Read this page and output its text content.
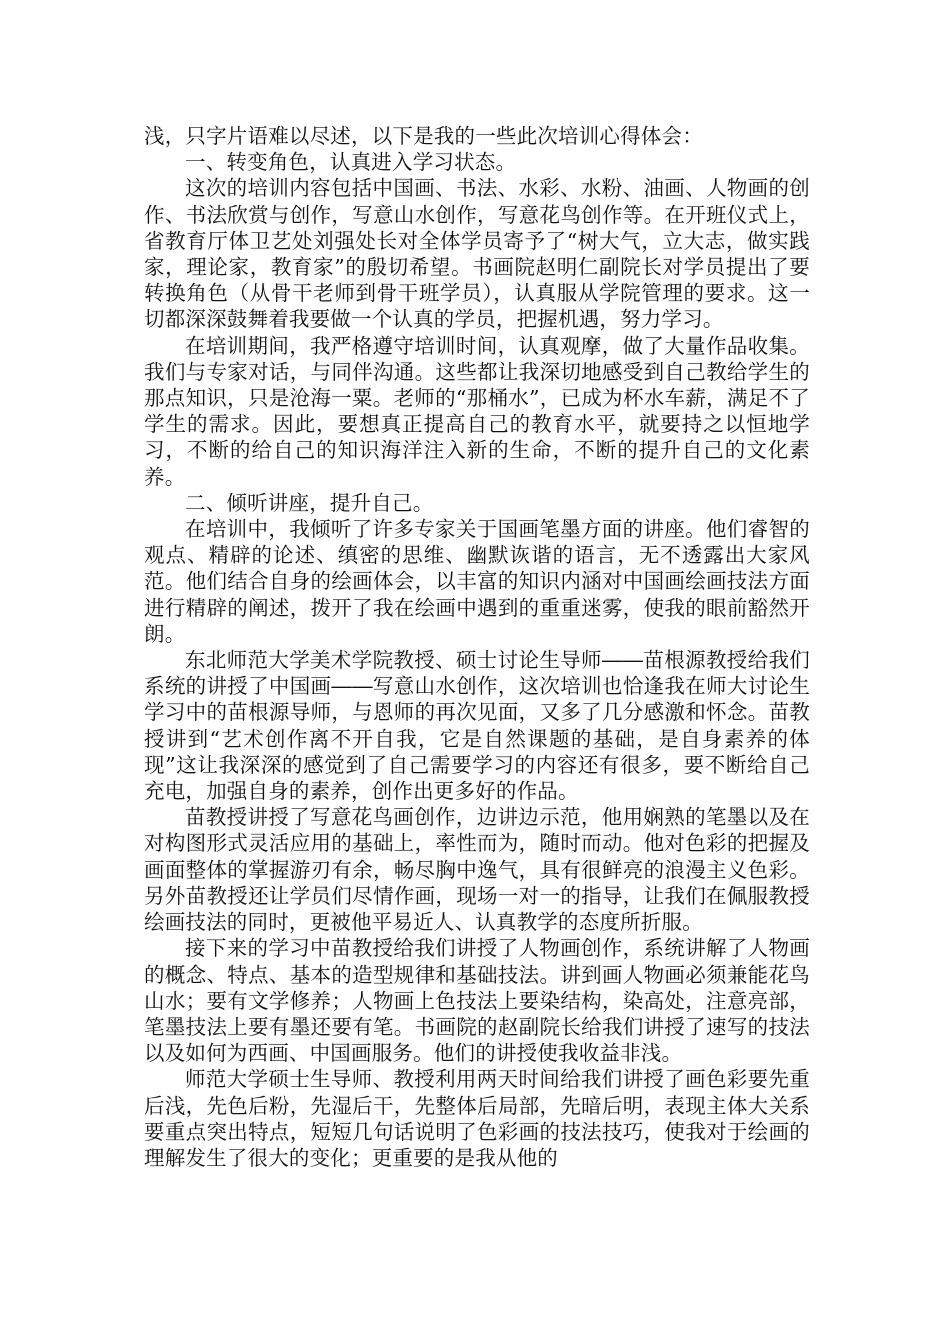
浅，只字片语难以尽述，以下是我的一些此次培训心得体会：

一、转变角色，认真进入学习状态。

这次的培训内容包括中国画、书法、水彩、水粉、油画、人物画的创作、书法欣赏与创作，写意山水创作，写意花鸟创作等。在开班仪式上，省教育厅体卫艺处刘强处长对全体学员寄予了“树大气，立大志，做实践家，理论家，教育家”的殷切希望。书画院赵明仁副院长对学员提出了要转换角色（从骨干老师到骨干班学员），认真服从学院管理的要求。这一切都深深鼓舞着我要做一个认真的学员，把握机遇，努力学习。

在培训期间，我严格遵守培训时间，认真观摩，做了大量作品收集。我们与专家对话，与同伴沟通。这些都让我深切地感受到自己教给学生的那点知识，只是沧海一粟。老师的“那桶水”，已成为杯水车薪，满足不了学生的需求。因此，要想真正提高自己的教育水平，就要持之以恒地学习，不断的给自己的知识海洋注入新的生命，不断的提升自己的文化素养。

二、倾听讲座，提升自己。

在培训中，我倾听了许多专家关于国画笔墨方面的讲座。他们睿智的观点、精辟的论述、缜密的思维、幽默诙谐的语言，无不透露出大家风范。他们结合自身的绘画体会，以丰富的知识内涵对中国画绘画技法方面进行精辟的阐述，拨开了我在绘画中遇到的重重迷雾，使我的眼前豁然开朗。

东北师范大学美术学院教授、硕士讨论生导师――苗根源教授给我们系统的讲授了中国画――写意山水创作，这次培训也恰逢我在师大讨论生学习中的苗根源导师，与恩师的再次见面，又多了几分感激和怀念。苗教授讲到“艺术创作离不开自我，它是自然课题的基础，是自身素养的体现”这让我深深的感觉到了自己需要学习的内容还有很多，要不断给自己充电，加强自身的素养，创作出更多好的作品。

苗教授讲授了写意花鸟画创作，边讲边示范，他用娴熟的笔墨以及在对构图形式灵活应用的基础上，率性而为，随时而动。他对色彩的把握及画面整体的掌握游刃有余，畅尽胸中逸气，具有很鲜亮的浪漫主义色彩。另外苗教授还让学员们尽情作画，现场一对一的指导，让我们在佩服教授绘画技法的同时，更被他平易近人、认真教学的态度所折服。

接下来的学习中苗教授给我们讲授了人物画创作，系统讲解了人物画的概念、特点、基本的造型规律和基础技法。讲到画人物画必须兼能花鸟山水；要有文学修养；人物画上色技法上要染结构，染高处，注意亮部，笔墨技法上要有墨还要有笔。书画院的赵副院长给我们讲授了速写的技法以及如何为西画、中国画服务。他们的讲授使我收益非浅。

师范大学硕士生导师、教授利用两天时间给我们讲授了画色彩要先重后浅，先色后粉，先湿后干，先整体后局部，先暗后明，表现主体大关系要重点突出特点，短短几句话说明了色彩画的技法技巧，使我对于绘画的理解发生了很大的变化；更重要的是我从他的
